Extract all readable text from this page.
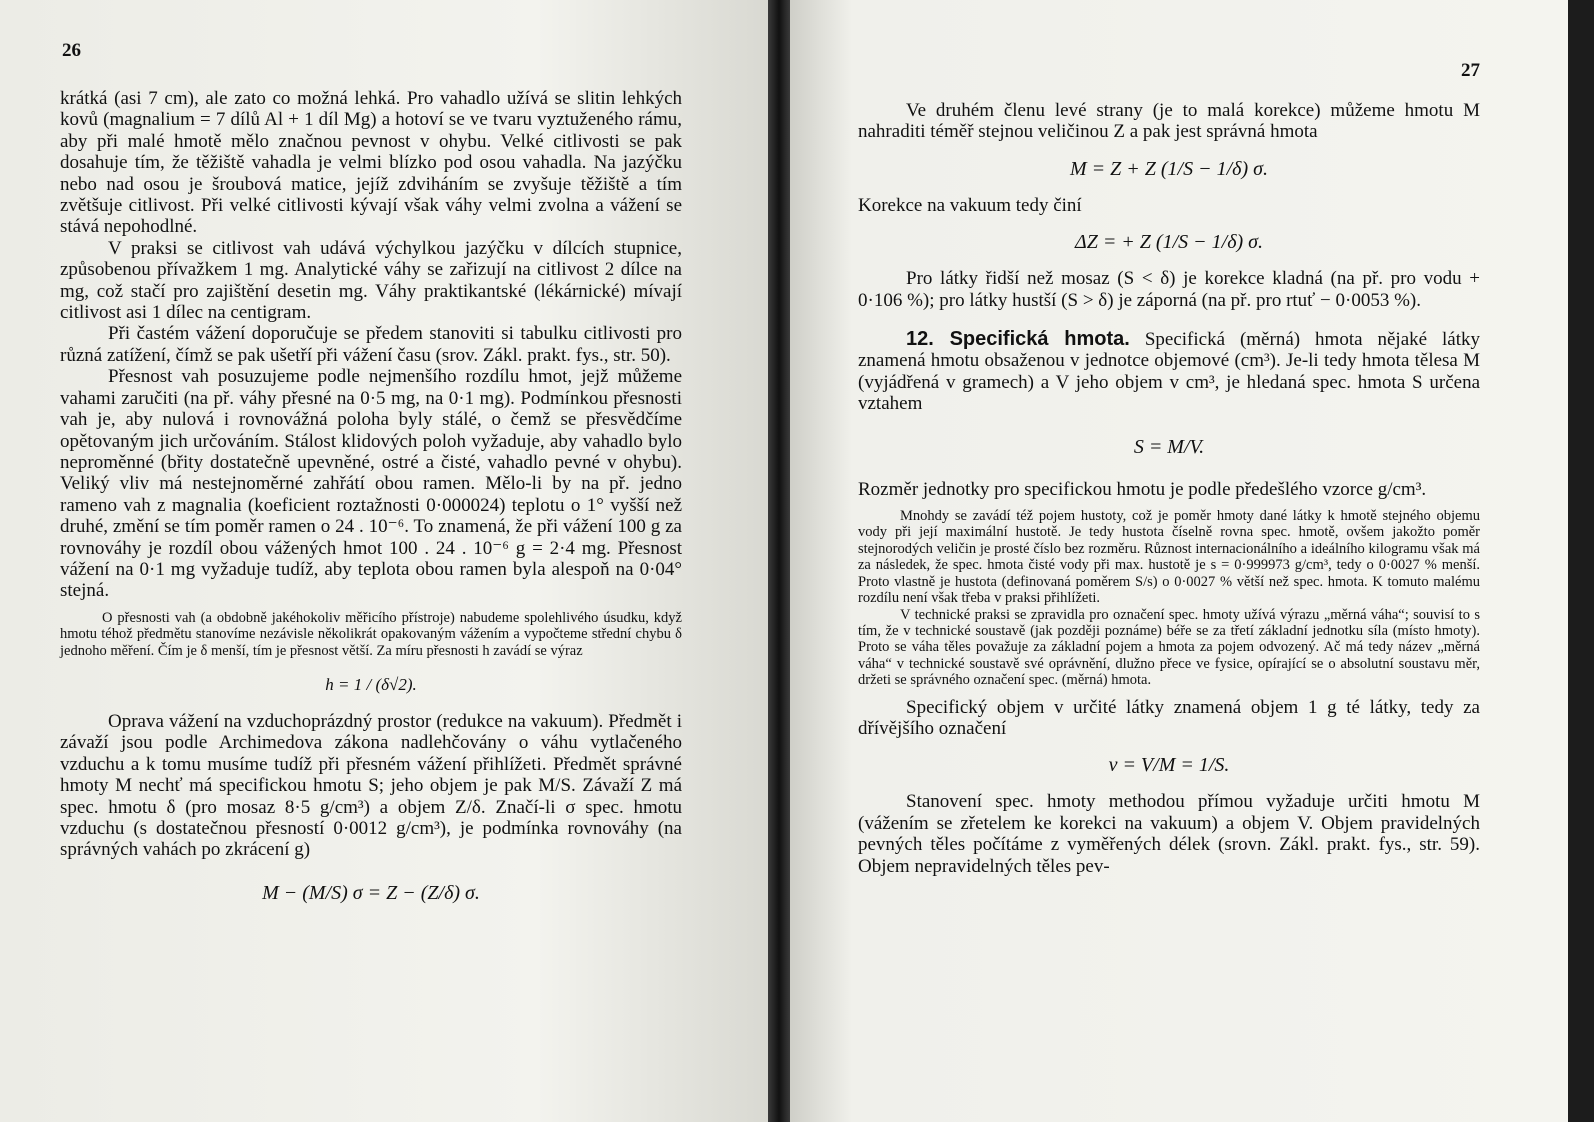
26

krátká (asi 7 cm), ale zato co možná lehká. Pro vahadlo užívá se slitin lehkých kovů (magnalium = 7 dílů Al + 1 díl Mg) a hotoví se ve tvaru vyztuženého rámu, aby při malé hmotě mělo značnou pevnost v ohybu. Velké citlivosti se pak dosahuje tím, že těžiště vahadla je velmi blízko pod osou vahadla. Na jazýčku nebo nad osou je šroubová matice, jejíž zdviháním se zvyšuje těžiště a tím zvětšuje citlivost. Při velké citlivosti kývají však váhy velmi zvolna a vážení se stává nepohodlné.

V praksi se citlivost vah udává výchylkou jazýčku v dílcích stupnice, způsobenou přívažkem 1 mg. Analytické váhy se zařizují na citlivost 2 dílce na mg, což stačí pro zajištění desetin mg. Váhy praktikantské (lékárnické) mívají citlivost asi 1 dílec na centigram.

Při častém vážení doporučuje se předem stanoviti si tabulku citlivosti pro různá zatížení, čímž se pak ušetří při vážení času (srov. Zákl. prakt. fys., str. 50).

Přesnost vah posuzujeme podle nejmenšího rozdílu hmot, jejž můžeme vahami zaručiti (na př. váhy přesné na 0·5 mg, na 0·1 mg). Podmínkou přesnosti vah je, aby nulová i rovnovážná poloha byly stálé, o čemž se přesvědčíme opětovaným jich určováním. Stálost klidových poloh vyžaduje, aby vahadlo bylo neproměnné (břity dostatečně upevněné, ostré a čisté, vahadlo pevné v ohybu). Veliký vliv má nestejnoměrné zahřátí obou ramen. Mělo-li by na př. jedno rameno vah z magnalia (koeficient roztažnosti 0·000024) teplotu o 1° vyšší než druhé, změní se tím poměr ramen o 24 . 10⁻⁶. To znamená, že při vážení 100 g za rovnováhy je rozdíl obou vážených hmot 100 . 24 . 10⁻⁶ g = 2·4 mg. Přesnost vážení na 0·1 mg vyžaduje tudíž, aby teplota obou ramen byla alespoň na 0·04° stejná.

O přesnosti vah (a obdobně jakéhokoliv měřicího přístroje) nabudeme spolehlivého úsudku, když hmotu téhož předmětu stanovíme nezávisle několikrát opakovaným vážením a vypočteme střední chybu δ jednoho měření. Čím je δ menší, tím je přesnost větší. Za míru přesnosti h zavádí se výraz

h = 1 / (δ√2).

Oprava vážení na vzduchoprázdný prostor (redukce na vakuum). Předmět i závaží jsou podle Archimedova zákona nadlehčovány o váhu vytlačeného vzduchu a k tomu musíme tudíž při přesném vážení přihlížeti. Předmět správné hmoty M nechť má specifickou hmotu S; jeho objem je pak M/S. Závaží Z má spec. hmotu δ (pro mosaz 8·5 g/cm³) a objem Z/δ. Značí-li σ spec. hmotu vzduchu (s dostatečnou přesností 0·0012 g/cm³), je podmínka rovnováhy (na správných vahách po zkrácení g)

M − (M/S) σ = Z − (Z/δ) σ.
27

Ve druhém členu levé strany (je to malá korekce) můžeme hmotu M nahraditi téměř stejnou veličinou Z a pak jest správná hmota

M = Z + Z (1/S − 1/δ) σ.

Korekce na vakuum tedy činí

ΔZ = + Z (1/S − 1/δ) σ.

Pro látky řidší než mosaz (S < δ) je korekce kladná (na př. pro vodu + 0·106 %); pro látky hustší (S > δ) je záporná (na př. pro rtuť − 0·0053 %).

12. Specifická hmota. Specifická (měrná) hmota nějaké látky znamená hmotu obsaženou v jednotce objemové (cm³). Je-li tedy hmota tělesa M (vyjádřená v gramech) a V jeho objem v cm³, je hledaná spec. hmota S určena vztahem

S = M/V.

Rozměr jednotky pro specifickou hmotu je podle předešlého vzorce g/cm³.

Mnohdy se zavádí též pojem hustoty, což je poměr hmoty dané látky k hmotě stejného objemu vody při její maximální hustotě. Je tedy hustota číselně rovna spec. hmotě, ovšem jakožto poměr stejnorodých veličin je prosté číslo bez rozměru. Různost internacionálního a ideálního kilogramu však má za následek, že spec. hmota čisté vody při max. hustotě je s = 0·999973 g/cm³, tedy o 0·0027 % menší. Proto vlastně je hustota (definovaná poměrem S/s) o 0·0027 % větší než spec. hmota. K tomuto malému rozdílu není však třeba v praksi přihlížeti.

V technické praksi se zpravidla pro označení spec. hmoty užívá výrazu „měrná váha“; souvisí to s tím, že v technické soustavě (jak později poznáme) béře se za třetí základní jednotku síla (místo hmoty). Proto se váha těles považuje za základní pojem a hmota za pojem odvozený. Ač má tedy název „měrná váha“ v technické soustavě své oprávnění, dlužno přece ve fysice, opírající se o absolutní soustavu měr, držeti se správného označení spec. (měrná) hmota.

Specifický objem v určité látky znamená objem 1 g té látky, tedy za dřívějšího označení

v = V/M = 1/S.

Stanovení spec. hmoty methodou přímou vyžaduje určiti hmotu M (vážením se zřetelem ke korekci na vakuum) a objem V. Objem pravidelných pevných těles počítáme z vyměřených délek (srovn. Zákl. prakt. fys., str. 59). Objem nepravidelných těles pev-
